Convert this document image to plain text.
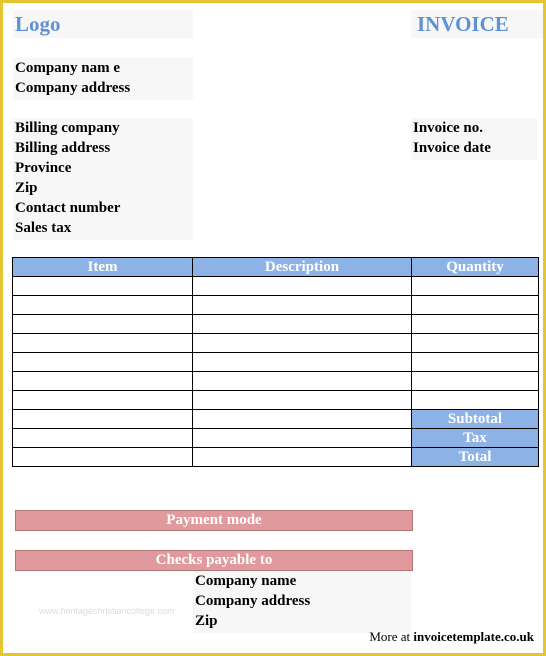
Logo	INVOICE
Company nam e
Company address
Billing company
Billing address
Province
Zip
Contact number
Sales tax
Invoice no.
Invoice date
Item	Description	Quantity

		Subtotal
		Tax
		Total
Payment mode
Checks payable to
Company name
Company address
Zip
www.heritagechristiancollege.com
More at invoicetemplate.co.uk
